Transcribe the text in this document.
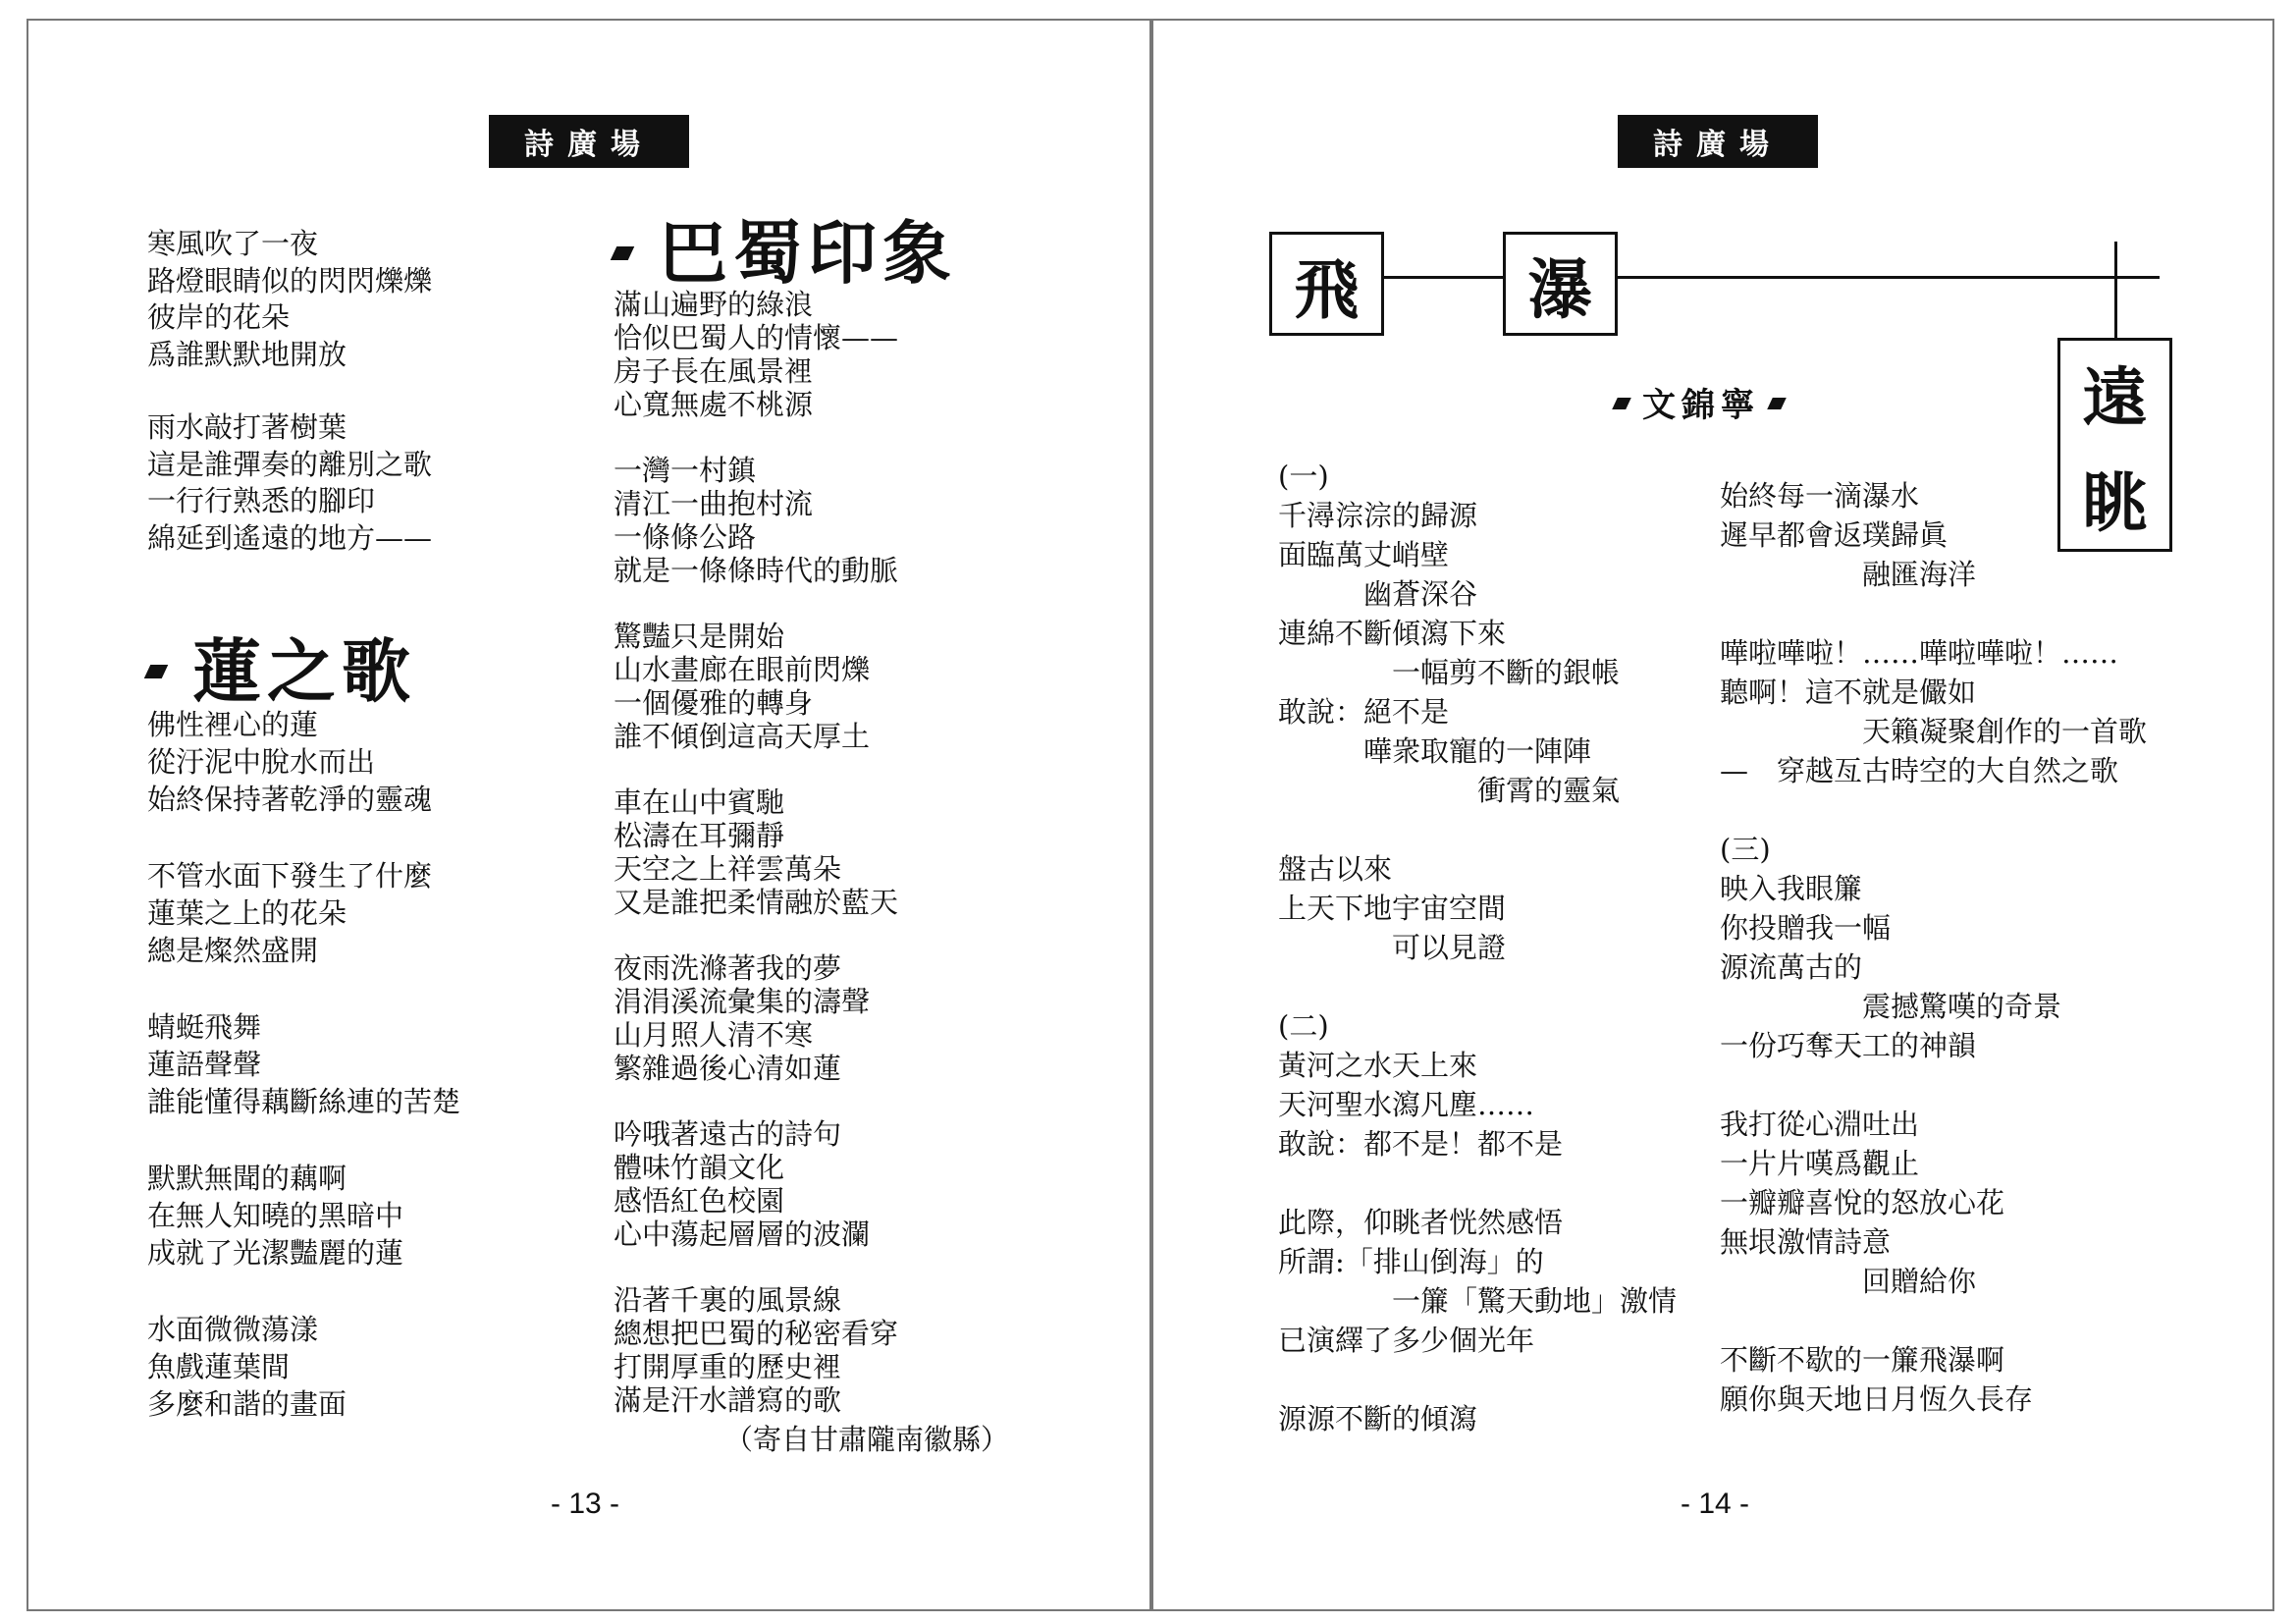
詩廣場
寒風吹了一夜
路燈眼睛似的閃閃爍爍
彼岸的花朵
爲誰默默地開放
雨水敲打著樹葉
這是誰彈奏的離別之歌
一行行熟悉的腳印
綿延到遙遠的地方——
蓮之歌
佛性裡心的蓮
從汙泥中脫水而出
始終保持著乾淨的靈魂
不管水面下發生了什麼
蓮葉之上的花朵
總是燦然盛開
蜻蜓飛舞
蓮語聲聲
誰能懂得藕斷絲連的苦楚
默默無聞的藕啊
在無人知曉的黑暗中
成就了光潔豔麗的蓮
水面微微蕩漾
魚戲蓮葉間
多麼和諧的畫面
巴蜀印象
滿山遍野的綠浪
恰似巴蜀人的情懷——
房子長在風景裡
心寬無處不桃源
一灣一村鎮
清江一曲抱村流
一條條公路
就是一條條時代的動脈
驚豔只是開始
山水畫廊在眼前閃爍
一個優雅的轉身
誰不傾倒這高天厚土
車在山中賓馳
松濤在耳彌靜
天空之上祥雲萬朵
又是誰把柔情融於藍天
夜雨洗滌著我的夢
涓涓溪流彙集的濤聲
山月照人清不寒
繁雜過後心清如蓮
吟哦著遠古的詩句
體味竹韻文化
感悟紅色校園
心中蕩起層層的波瀾
沿著千裏的風景線
總想把巴蜀的秘密看穿
打開厚重的歷史裡
滿是汗水譜寫的歌
（寄自甘肅隴南徽縣）
- 13 -
詩廣場
飛	瀑
遠
眺
文錦寧
(一)
千潯淙淙的歸源
面臨萬丈峭壁
　　　幽蒼深谷
連綿不斷傾瀉下來
　　　　一幅剪不斷的銀帳
敢說：絕不是
　　　嘩衆取寵的一陣陣
　　　　　　　衝霄的靈氣
盤古以來
上天下地宇宙空間
　　　　可以見證
(二)
黃河之水天上來
天河聖水瀉凡塵……
敢說：都不是！都不是
此際，仰眺者恍然感悟
所謂:「排山倒海」的
　　　　一簾「驚天動地」激情
已演繹了多少個光年
源源不斷的傾瀉
始終每一滴瀑水
遲早都會返璞歸眞
　　　　　融匯海洋
嘩啦嘩啦！……嘩啦嘩啦！……
聽啊！這不就是儼如
　　　　　天籟凝聚創作的一首歌
—　穿越亙古時空的大自然之歌
(三)
映入我眼簾
你投贈我一幅
源流萬古的
　　　　　震撼驚嘆的奇景
一份巧奪天工的神韻
我打從心淵吐出
一片片嘆爲觀止
一瓣瓣喜悅的怒放心花
無垠激情詩意
　　　　　回贈給你
不斷不歇的一簾飛瀑啊
願你與天地日月恆久長存
- 14 -
